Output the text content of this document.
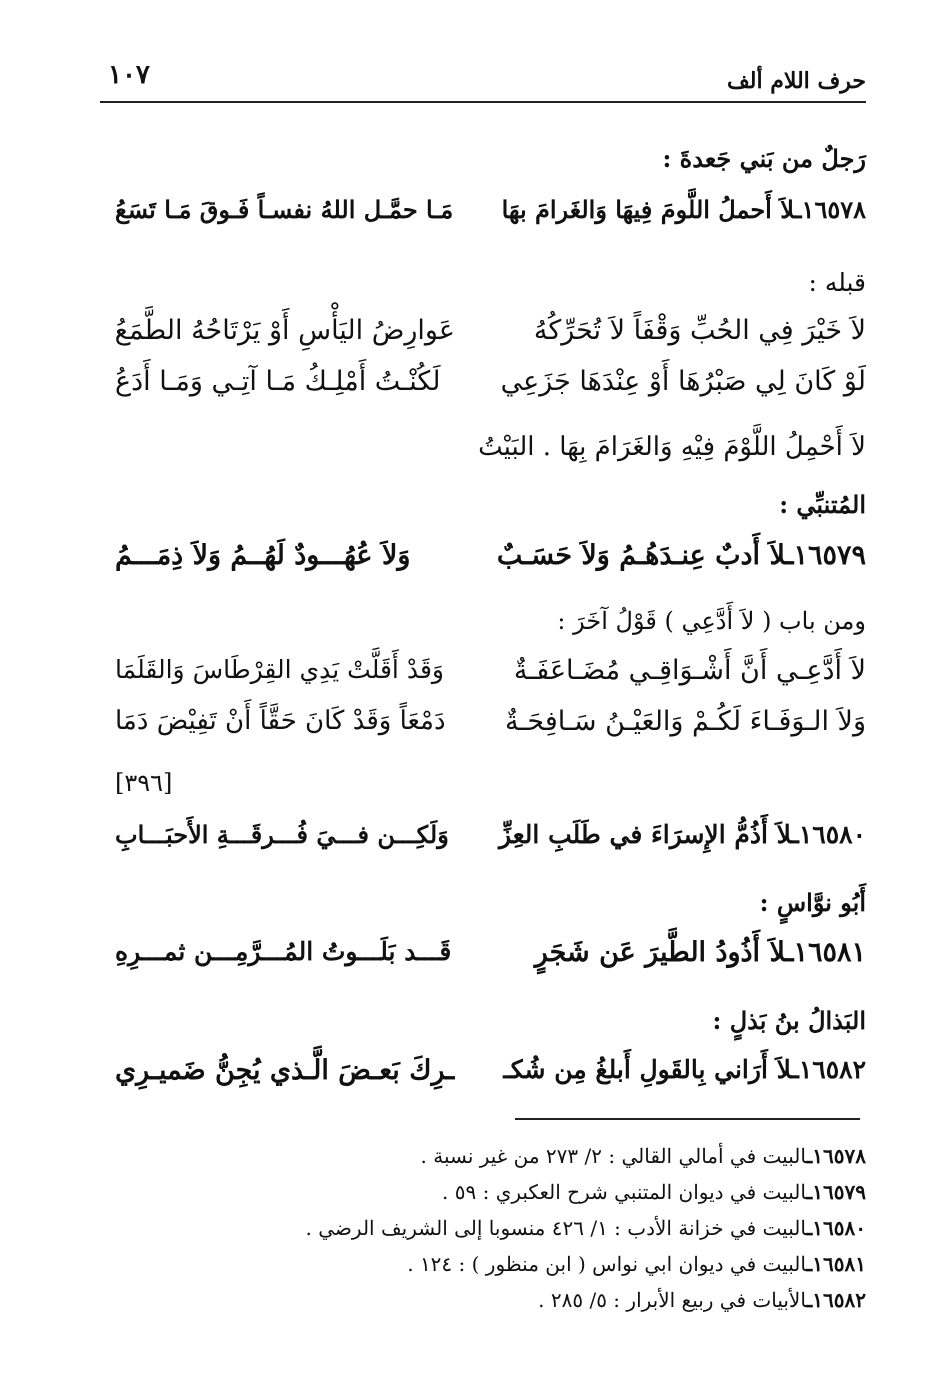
حرف اللام ألف
١٠٧
رَجلٌ من بَني جَعدةَ :
١٦٥٧٨ـلاَ أَحملُ اللَّومَ فِيهَا وَالغَرامَ بهَا
مَـا حمَّـل اللهُ نفسـاً فَـوقَ مَـا تَسَعُ
قبله :
لاَ خَيْرَ فِي الحُبِّ وَقْفَاً لاَ تُحَرِّكُهُ
عَوارِضُ اليَأْسِ أَوْ يَرْتَاحُهُ الطَّمَعُ
لَوْ كَانَ لِي صَبْرُهَا أَوْ عِنْدَهَا جَزَعِي
لَكُنْـتُ أَمْلِـكُ مَـا آتِـي وَمَـا أَدَعُ
لاَ أَحْمِلُ اللَّوْمَ فِيْهِ وَالغَرَامَ بِهَا . البَيْتُ
المُتنبِّي :
١٦٥٧٩ـلاَ أَدبٌ عِنـدَهُـمُ وَلاَ حَسَـبٌ
وَلاَ عُهُـــودٌ لَهُــمُ وَلاَ ذِمَـــمُ
ومن باب ( لاَ أَدَّعِي ) قَوْلُ آخَرَ :
لاَ أَدَّعِـي أَنَّ أَشْـوَاقِـي مُضَـاعَفَـةٌ
وَقَدْ أَقَلَّتْ يَدِي القِرْطَاسَ وَالقَلَمَا
وَلاَ الـوَفَـاءَ لَكُـمْ وَالعَيْـنُ سَـافِحَـةٌ
دَمْعَاً وَقَدْ كَانَ حَقَّاً أَنْ تَفِيْضَ دَمَا
[٣٩٦]
١٦٥٨٠ـلاَ أَذُمُّ الإِسرَاءَ في طَلَبِ العِزِّ
وَلَكِـــن فـــيَ فُـــرقَـــةِ الأَحبَـــابِ
أَبُو نوَّاسٍ :
١٦٥٨١ـلاَ أَذُودُ الطَّيرَ عَن شَجَرٍ
قَـــد بَلَـــوتُ المُـــرَّمِـــن ثمـــرِهِ
البَذالُ بنُ بَذلٍ :
١٦٥٨٢ـلاَ أَرَاني بِالقَولِ أَبلغُ مِن شُكـ
ـرِكَ بَعـضَ الَّـذي يُجِنُّ ضَميـرِي
١٦٥٧٨ـالبيت في أمالي القالي : ٢/ ٢٧٣ من غير نسبة .
١٦٥٧٩ـالبيت في ديوان المتنبي شرح العكبري : ٥٩ .
١٦٥٨٠ـالبيت في خزانة الأدب : ١/ ٤٢٦ منسوبا إلى الشريف الرضي .
١٦٥٨١ـالبيت في ديوان ابي نواس ( ابن منظور ) : ١٢٤ .
١٦٥٨٢ـالأبيات في ربيع الأبرار : ٥/ ٢٨٥ .
